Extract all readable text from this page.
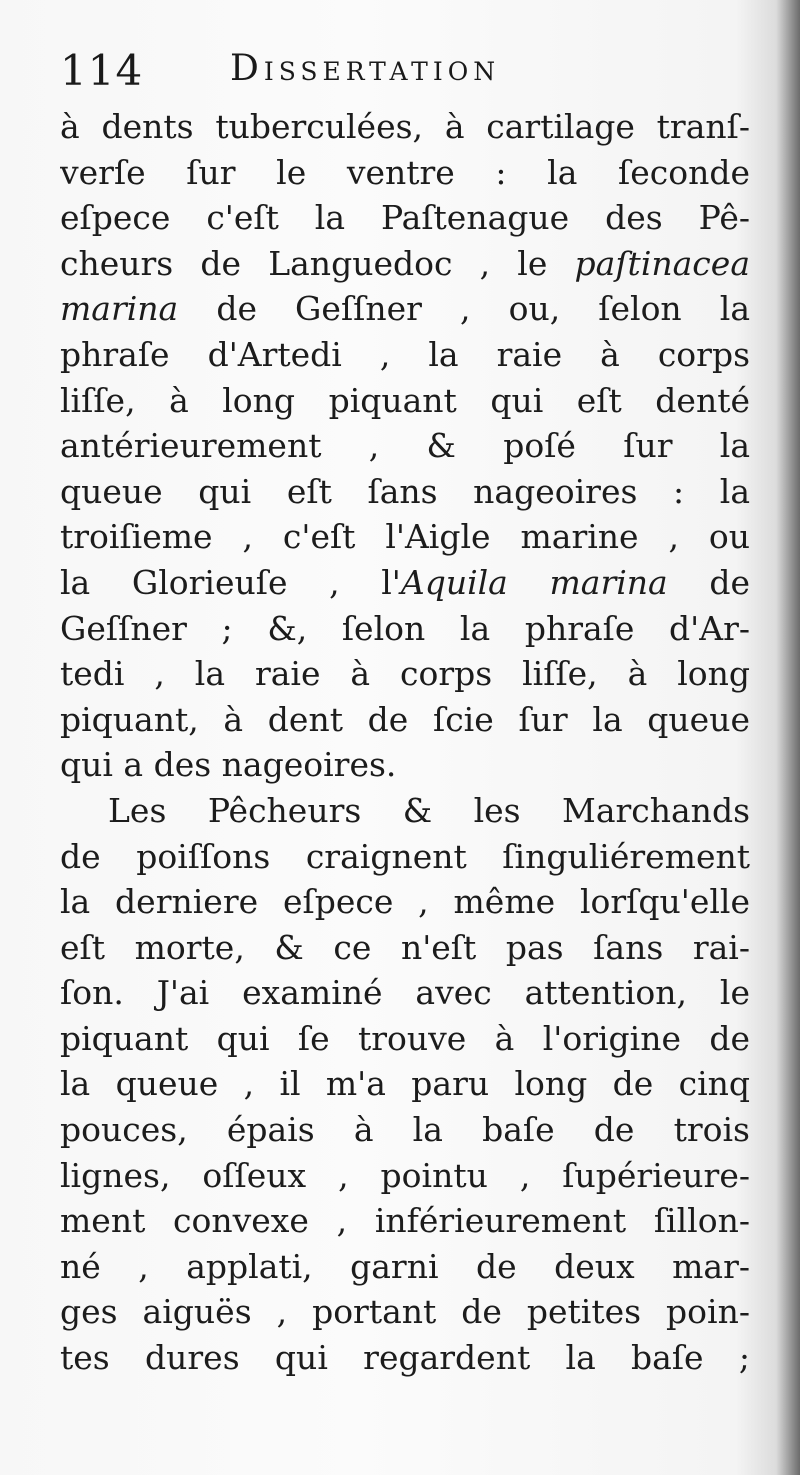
114 Dissertation
à dents tuberculées, à cartilage tranſ-
verſe ſur le ventre : la ſeconde
eſpece c'eſt la Paſtenague des Pê-
cheurs de Languedoc , le paſtinacea
marina de Geſſner , ou, ſelon la
phraſe d'Artedi , la raie à corps
liſſe, à long piquant qui eſt denté
antérieurement , & poſé ſur la
queue qui eſt ſans nageoires : la
troiſieme , c'eſt l'Aigle marine , ou
la Glorieuſe , l'Aquila marina de
Geſſner ; &, ſelon la phraſe d'Ar-
tedi , la raie à corps liſſe, à long
piquant, à dent de ſcie ſur la queue
qui a des nageoires.
Les Pêcheurs & les Marchands
de poiſſons craignent ſinguliérement
la derniere eſpece , même lorſqu'elle
eſt morte, & ce n'eſt pas ſans rai-
ſon. J'ai examiné avec attention, le
piquant qui ſe trouve à l'origine de
la queue , il m'a paru long de cinq
pouces, épais à la baſe de trois
lignes, oſſeux , pointu , ſupérieure-
ment convexe , inférieurement ſillon-
né , applati, garni de deux mar-
ges aiguës , portant de petites poin-
tes dures qui regardent la baſe ;
